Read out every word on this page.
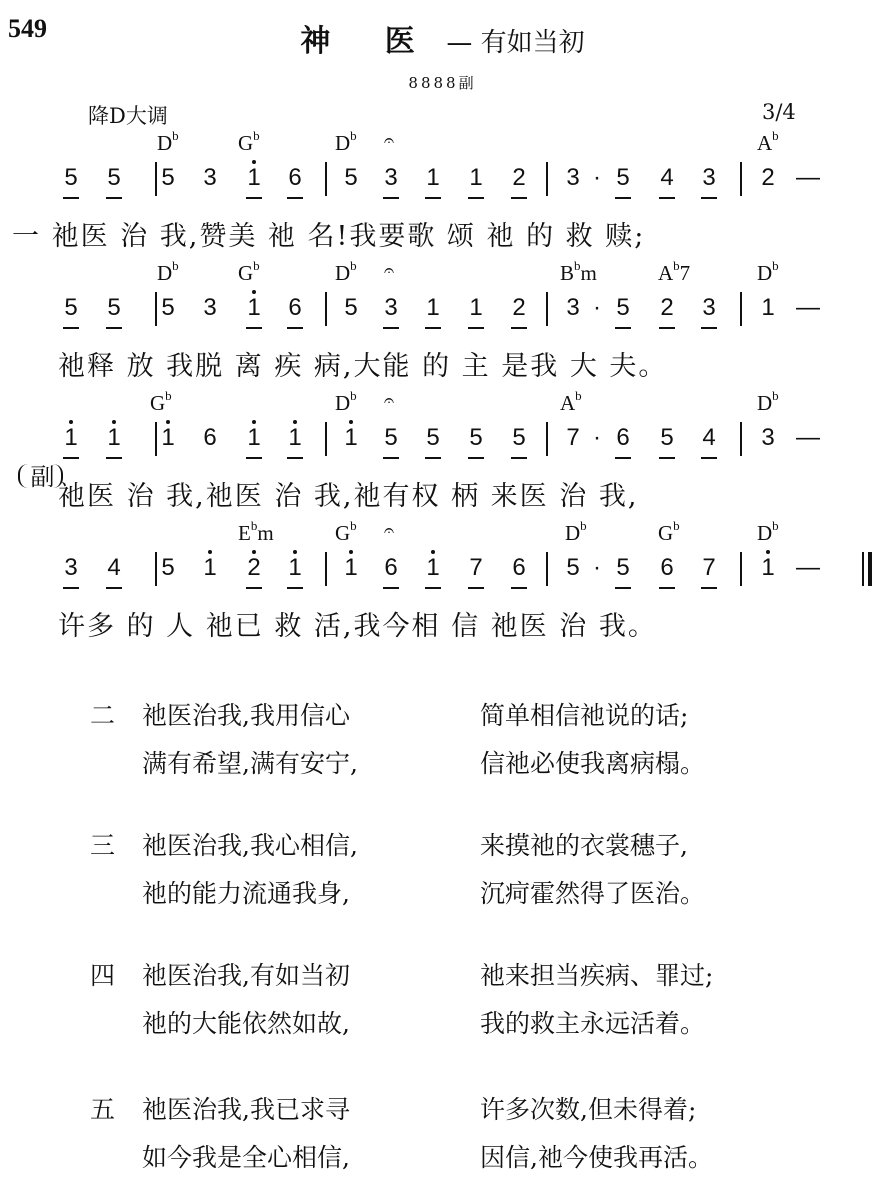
549	神 医 — 有如当初
8888副
降D大调	3/4
5 5 5 3 1 6 5 3 1 1 2 3 · 5 4 3 2 —
5 5 5 3 1 6 5 3 1 1 2 3 · 5 2 3 1 —
1 1 1 6 1 1 1 5 5 5 5 7 · 6 5 4 3 —
3 4 5 1 2 1 1 6 1 7 6 5 · 5 6 7 1 —
$D^b$	$G^b$	$D^b$	$A^b$
$D^b$	$G^b$	$D^b$	$B^bm$	$A^b7$	$D^b$
$G^b$	$D^b$	$A^b$	$D^b$
$E^bm$	$G^b$	$D^b$	$G^b$	$D^b$
𝄐
𝄐
𝄐
𝄐
一 祂医 治 我,赞美 祂 名!我要歌 颂 祂 的 救 赎;
祂释 放 我脱 离 疾 病,大能 的 主 是我 大 夫。
祂医 治 我,祂医 治 我,祂有权 柄 来医 治 我,
许多 的 人 祂已 救 活,我今相 信 祂医 治 我。
副
二 祂医治我,我用信心	简单相信祂说的话;
满有希望,满有安宁,	信祂必使我离病榻。
三 祂医治我,我心相信,	来摸祂的衣裳穗子,
祂的能力流通我身,	沉疴霍然得了医治。
四 祂医治我,有如当初	祂来担当疾病、罪过;
祂的大能依然如故,	我的救主永远活着。
五 祂医治我,我已求寻	许多次数,但未得着;
如今我是全心相信,	因信,祂今使我再活。
